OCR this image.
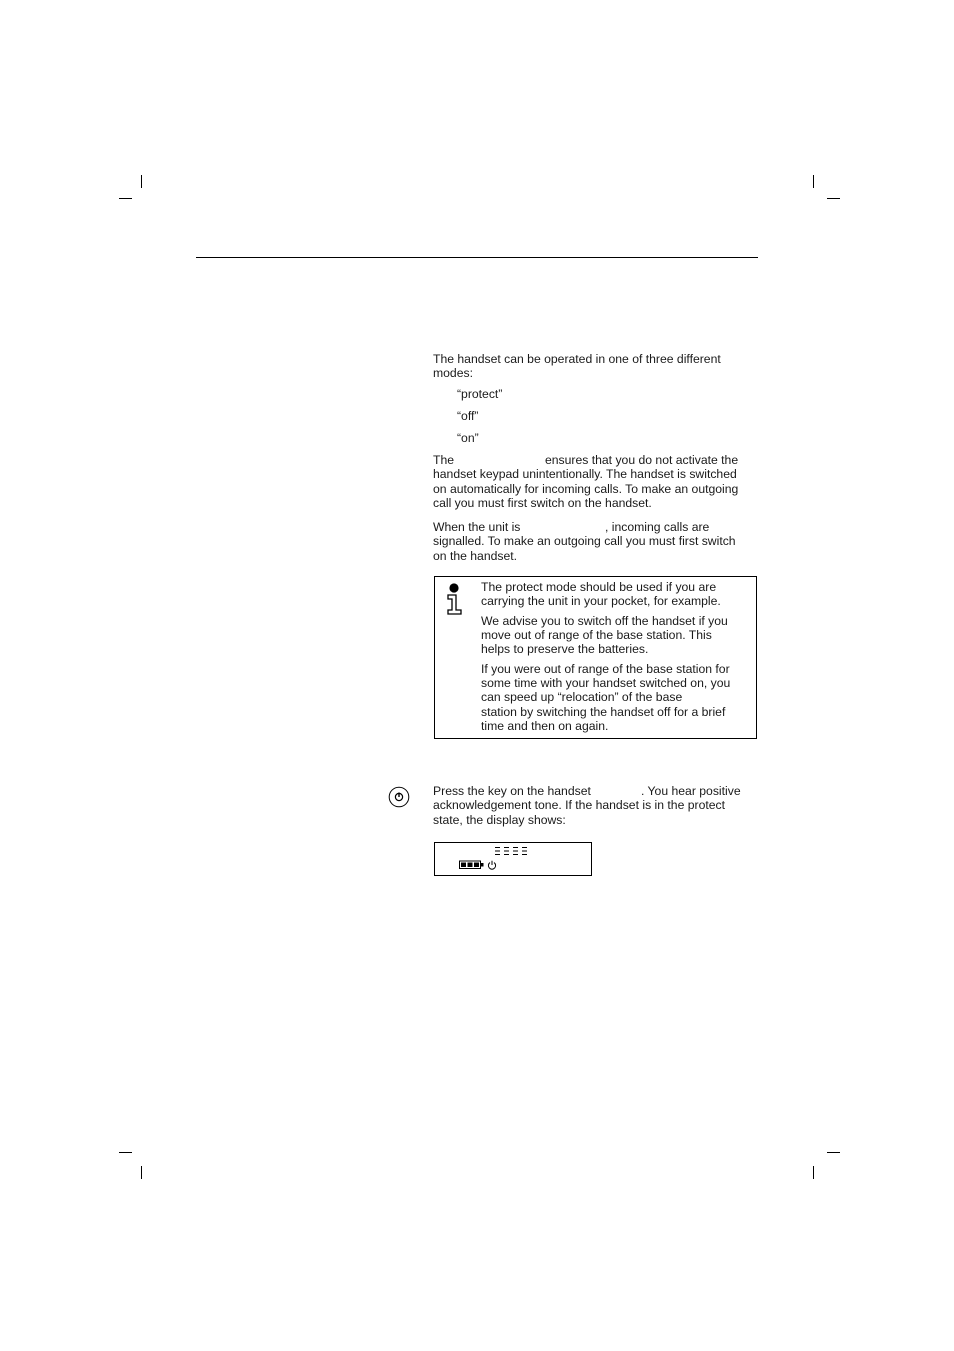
The handset can be operated in one of three different

modes:

“protect”
“off”
“on”

The	ensures that you do not activate the

handset keypad unintentionally. The handset is switched

on automatically for incoming calls. To make an outgoing

call you must first switch on the handset.

When the unit is	, incoming calls are

signalled. To make an outgoing call you must first switch

on the handset.

The protect mode should be used if you are
carrying the unit in your pocket, for example.

We advise you to switch off the handset if you
move out of range of the base station. This
helps to preserve the batteries.

If you were out of range of the base station for
some time with your handset switched on, you
can speed up “relocation” of the base
station by switching the handset off for a brief
time and then on again.

Press the key on the handset	. You hear positive

acknowledgement tone. If the handset is in the protect

state, the display shows:
